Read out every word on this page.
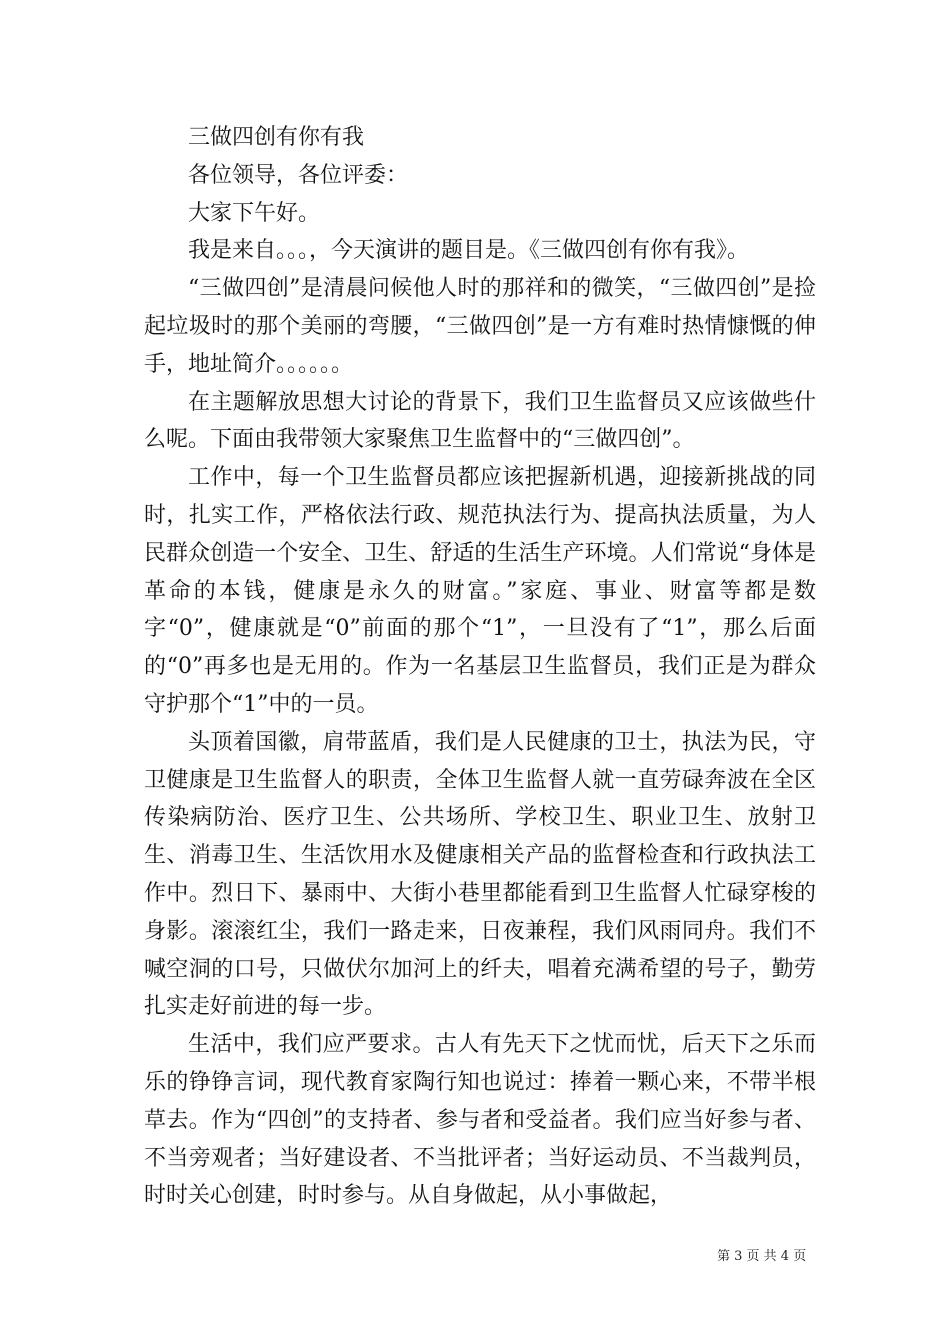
三做四创有你有我

各位领导，各位评委：

大家下午好。

我是来自。。。，今天演讲的题目是。《三做四创有你有我》。

“三做四创”是清晨问候他人时的那祥和的微笑，“三做四创”是捡起垃圾时的那个美丽的弯腰，“三做四创”是一方有难时热情慷慨的伸手，地址简介。。。。。。

在主题解放思想大讨论的背景下，我们卫生监督员又应该做些什么呢。下面由我带领大家聚焦卫生监督中的“三做四创”。

工作中，每一个卫生监督员都应该把握新机遇，迎接新挑战的同时，扎实工作，严格依法行政、规范执法行为、提高执法质量，为人民群众创造一个安全、卫生、舒适的生活生产环境。人们常说“身体是革命的本钱，健康是永久的财富。”家庭、事业、财富等都是数字“0”，健康就是“0”前面的那个“1”，一旦没有了“1”，那么后面的“0”再多也是无用的。作为一名基层卫生监督员，我们正是为群众守护那个“1”中的一员。

头顶着国徽，肩带蓝盾，我们是人民健康的卫士，执法为民，守卫健康是卫生监督人的职责，全体卫生监督人就一直劳碌奔波在全区传染病防治、医疗卫生、公共场所、学校卫生、职业卫生、放射卫生、消毒卫生、生活饮用水及健康相关产品的监督检查和行政执法工作中。烈日下、暴雨中、大街小巷里都能看到卫生监督人忙碌穿梭的身影。滚滚红尘，我们一路走来，日夜兼程，我们风雨同舟。我们不喊空洞的口号，只做伏尔加河上的纤夫，唱着充满希望的号子，勤劳扎实走好前进的每一步。

生活中，我们应严要求。古人有先天下之忧而忧，后天下之乐而乐的铮铮言词，现代教育家陶行知也说过：捧着一颗心来，不带半根草去。作为“四创”的支持者、参与者和受益者。我们应当好参与者、不当旁观者；当好建设者、不当批评者；当好运动员、不当裁判员，时时关心创建，时时参与。从自身做起，从小事做起，

第 3 页 共 4 页
